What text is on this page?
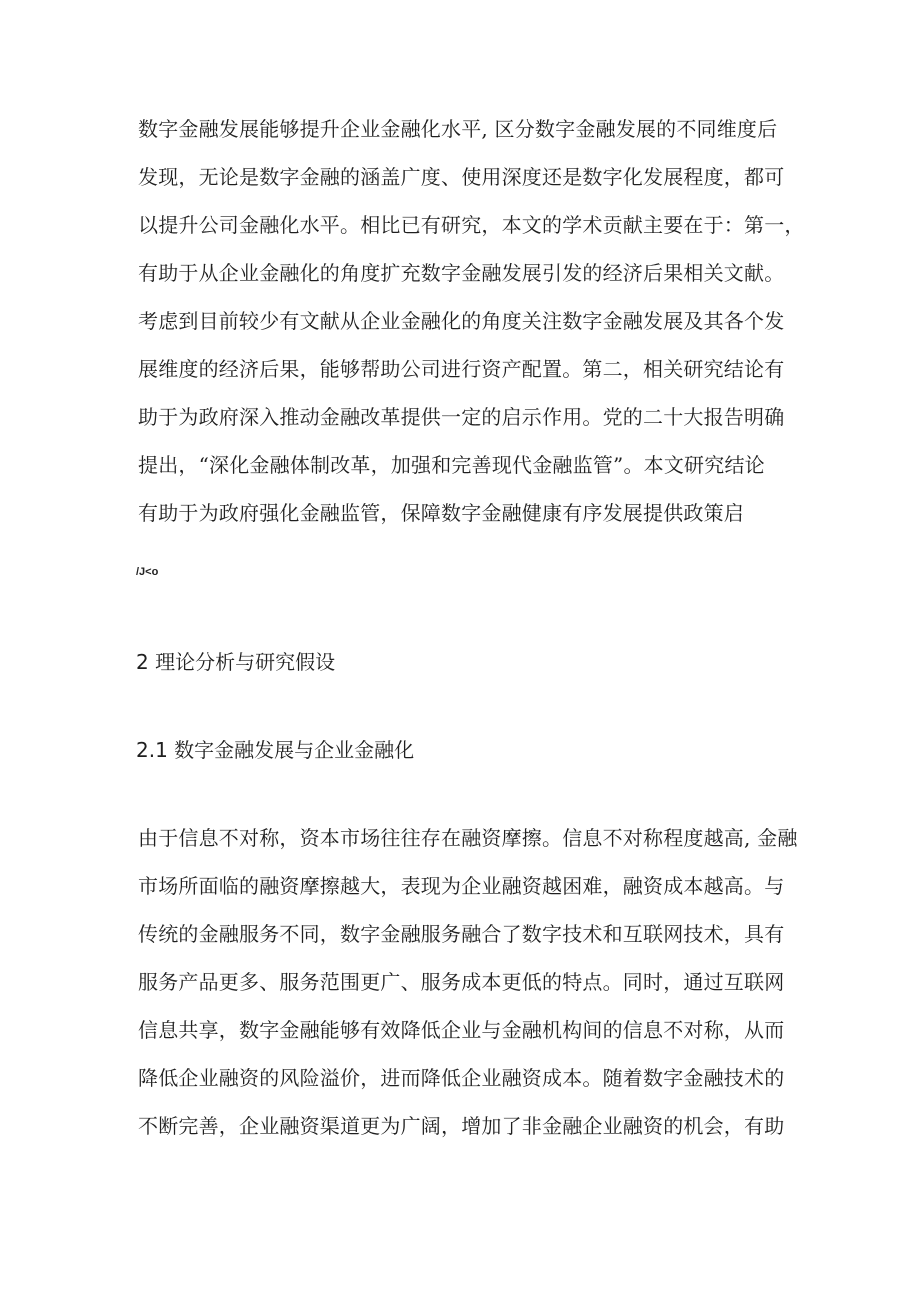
数字金融发展能够提升企业金融化水平, 区分数字金融发展的不同维度后
发现，无论是数字金融的涵盖广度、使用深度还是数字化发展程度，都可
以提升公司金融化水平。相比已有研究，本文的学术贡献主要在于：第一，
有助于从企业金融化的角度扩充数字金融发展引发的经济后果相关文献。
考虑到目前较少有文献从企业金融化的角度关注数字金融发展及其各个发
展维度的经济后果，能够帮助公司进行资产配置。第二，相关研究结论有
助于为政府深入推动金融改革提供一定的启示作用。党的二十大报告明确
提出，“深化金融体制改革，加强和完善现代金融监管”。本文研究结论
有助于为政府强化金融监管，保障数字金融健康有序发展提供政策启
/J<o
2 理论分析与研究假设
2.1 数字金融发展与企业金融化
由于信息不对称，资本市场往往存在融资摩擦。信息不对称程度越高, 金融
市场所面临的融资摩擦越大，表现为企业融资越困难，融资成本越高。与
传统的金融服务不同，数字金融服务融合了数字技术和互联网技术，具有
服务产品更多、服务范围更广、服务成本更低的特点。同时，通过互联网
信息共享，数字金融能够有效降低企业与金融机构间的信息不对称，从而
降低企业融资的风险溢价，进而降低企业融资成本。随着数字金融技术的
不断完善，企业融资渠道更为广阔，增加了非金融企业融资的机会，有助
